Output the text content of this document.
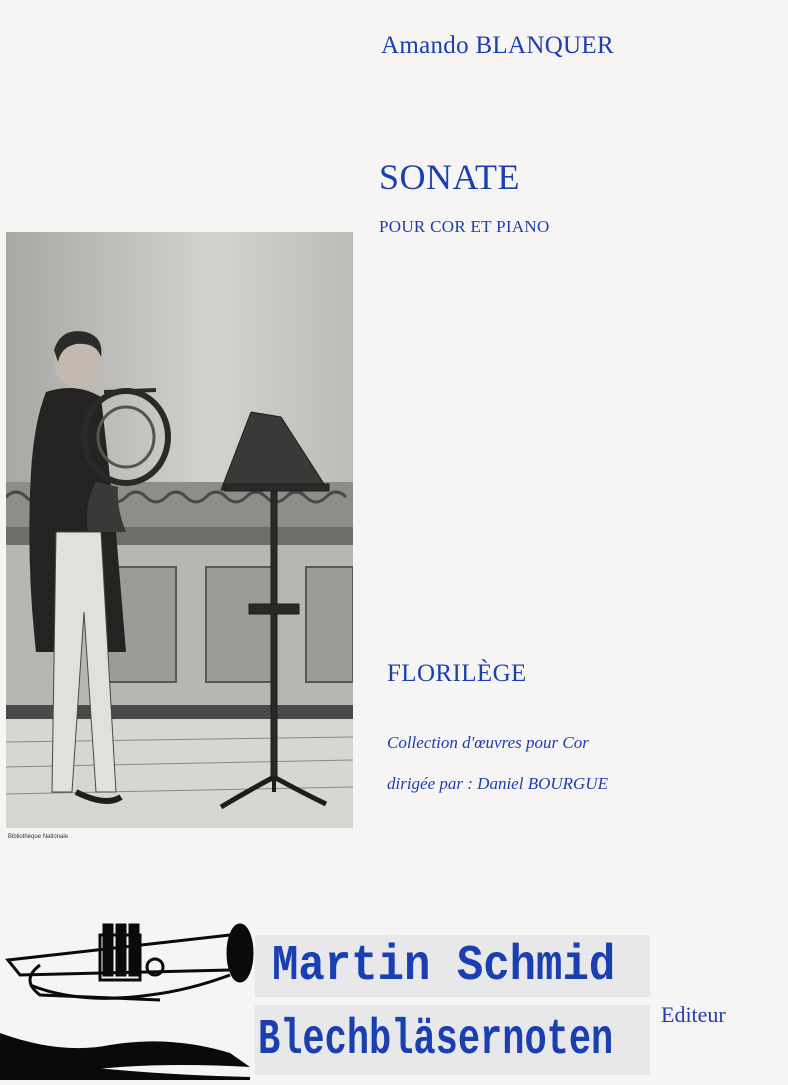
Amando BLANQUER
SONATE
POUR COR ET PIANO
Bibliothèque Nationale
FLORILÈGE
Collection d'œuvres pour Cor
dirigée par : Daniel BOURGUE
Martin Schmid
Blechbläsernoten Editeur
